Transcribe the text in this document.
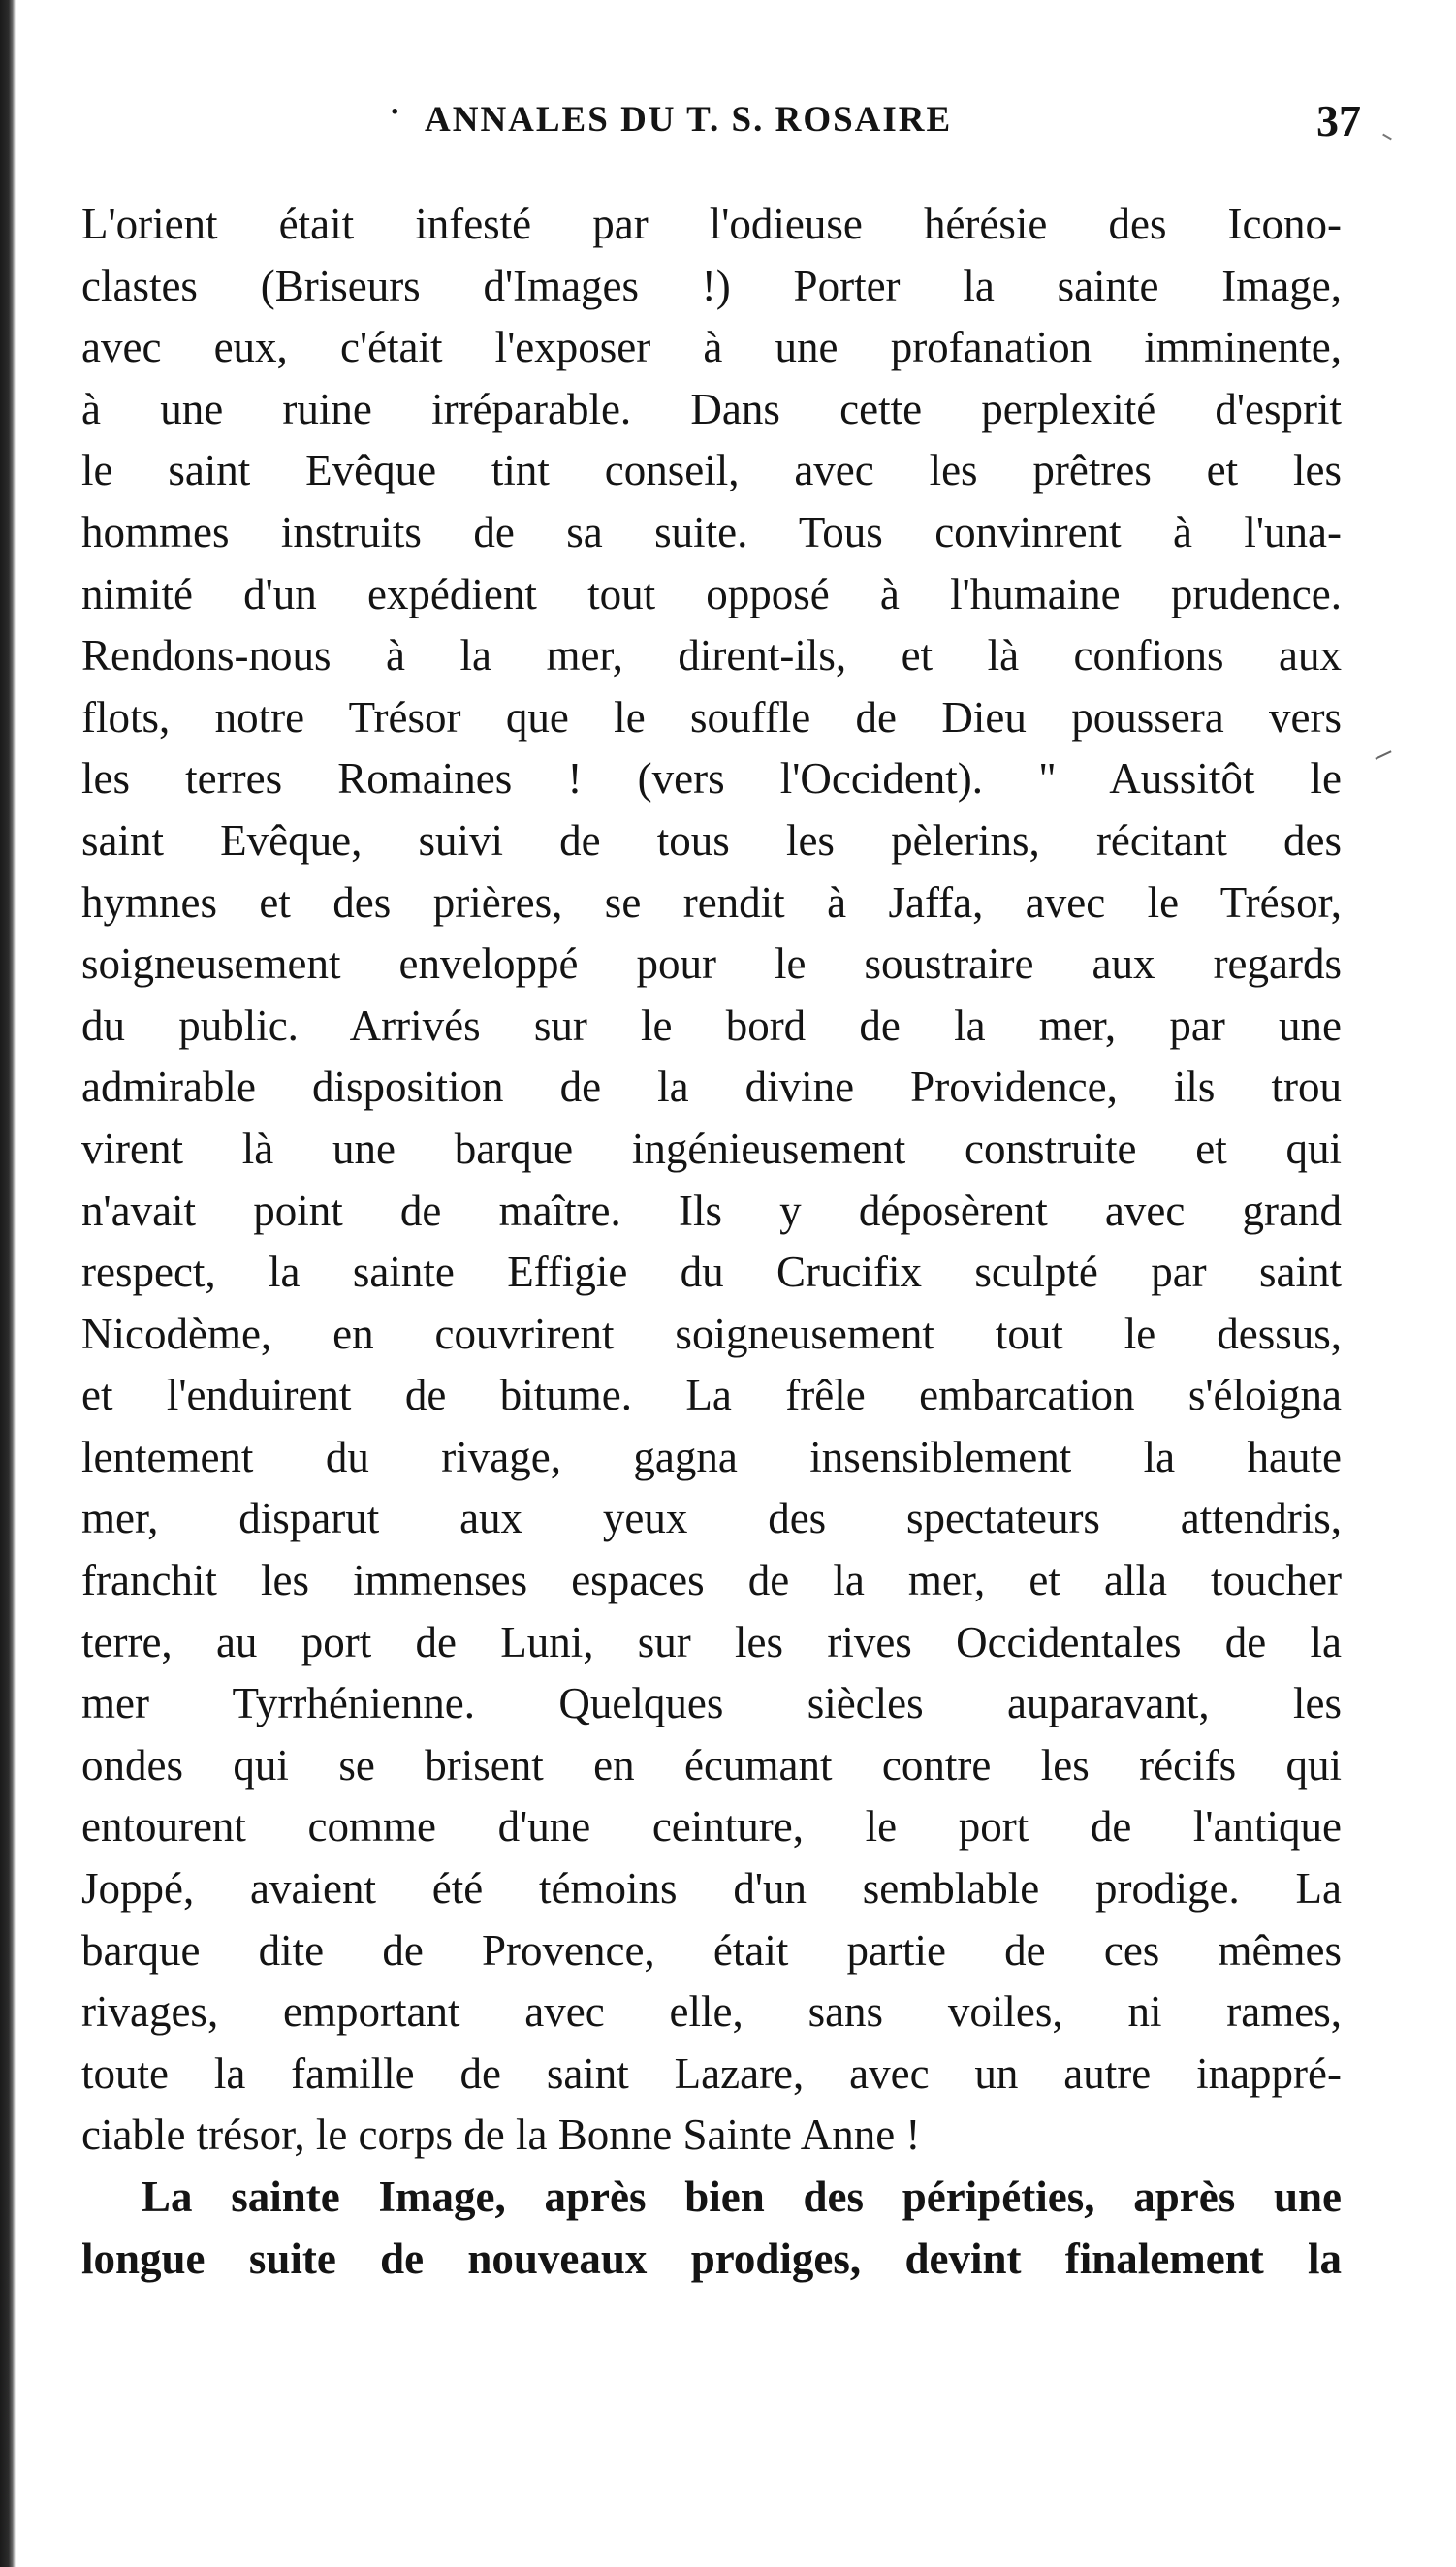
· ANNALES DU T. S. ROSAIRE	37
L'orient était infesté par l'odieuse hérésie des Icono-
clastes (Briseurs d'Images !) Porter la sainte Image,
avec eux, c'était l'exposer à une profanation imminente,
à une ruine irréparable. Dans cette perplexité d'esprit
le saint Evêque tint conseil, avec les prêtres et les
hommes instruits de sa suite. Tous convinrent à l'una-
nimité d'un expédient tout opposé à l'humaine prudence.
Rendons-nous à la mer, dirent-ils, et là confions aux
flots, notre Trésor que le souffle de Dieu poussera vers
les terres Romaines ! (vers l'Occident). " Aussitôt le
saint Evêque, suivi de tous les pèlerins, récitant des
hymnes et des prières, se rendit à Jaffa, avec le Trésor,
soigneusement enveloppé pour le soustraire aux regards
du public. Arrivés sur le bord de la mer, par une
admirable disposition de la divine Providence, ils trou
virent là une barque ingénieusement construite et qui
n'avait point de maître. Ils y déposèrent avec grand
respect, la sainte Effigie du Crucifix sculpté par saint
Nicodème, en couvrirent soigneusement tout le dessus,
et l'enduirent de bitume. La frêle embarcation s'éloigna
lentement du rivage, gagna insensiblement la haute
mer, disparut aux yeux des spectateurs attendris,
franchit les immenses espaces de la mer, et alla toucher
terre, au port de Luni, sur les rives Occidentales de la
mer Tyrrhénienne. Quelques siècles auparavant, les
ondes qui se brisent en écumant contre les récifs qui
entourent comme d'une ceinture, le port de l'antique
Joppé, avaient été témoins d'un semblable prodige. La
barque dite de Provence, était partie de ces mêmes
rivages, emportant avec elle, sans voiles, ni rames,
toute la famille de saint Lazare, avec un autre inappré-
ciable trésor, le corps de la Bonne Sainte Anne !
La sainte Image, après bien des péripéties, après une
longue suite de nouveaux prodiges, devint finalement la
